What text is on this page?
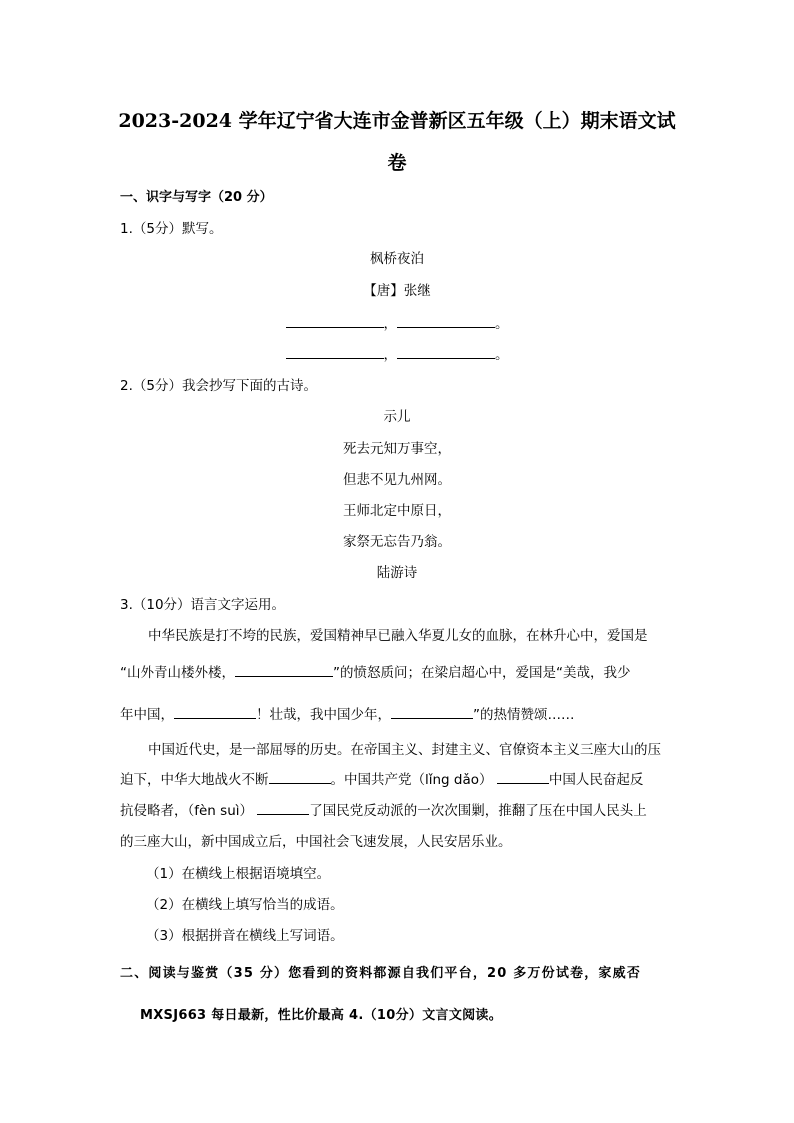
2023-2024 学年辽宁省大连市金普新区五年级（上）期末语文试
卷
一、识字与写字（20 分）
1.（5分）默写。
枫桥夜泊
【唐】张继
，	。
，	。
2.（5分）我会抄写下面的古诗。
示儿
死去元知万事空，
但悲不见九州网。
王师北定中原日，
家祭无忘告乃翁。
陆游诗
3.（10分）语言文字运用。
中华民族是打不垮的民族，爱国精神早已融入华夏儿女的血脉，在林升心中，爱国是
“山外青山楼外楼，	”的愤怒质问；在梁启超心中，爱国是“美哉，我少
年中国，	！壮哉，我中国少年，	”的热情赞颂……
中国近代史，是一部屈辱的历史。在帝国主义、封建主义、官僚资本主义三座大山的压
迫下，中华大地战火不断	。中国共产党（lǐng dǎo）	中国人民奋起反
抗侵略者，（fèn suì）	了国民党反动派的一次次围剿，推翻了压在中国人民头上
的三座大山，新中国成立后，中国社会飞速发展，人民安居乐业。
（1）在横线上根据语境填空。
（2）在横线上填写恰当的成语。
（3）根据拼音在横线上写词语。
二、阅读与鉴赏（35 分）您看到的资料都源自我们平台，20 多万份试卷，家威否
MXSJ663 每日最新，性比价最高 4.（10分）文言文阅读。
